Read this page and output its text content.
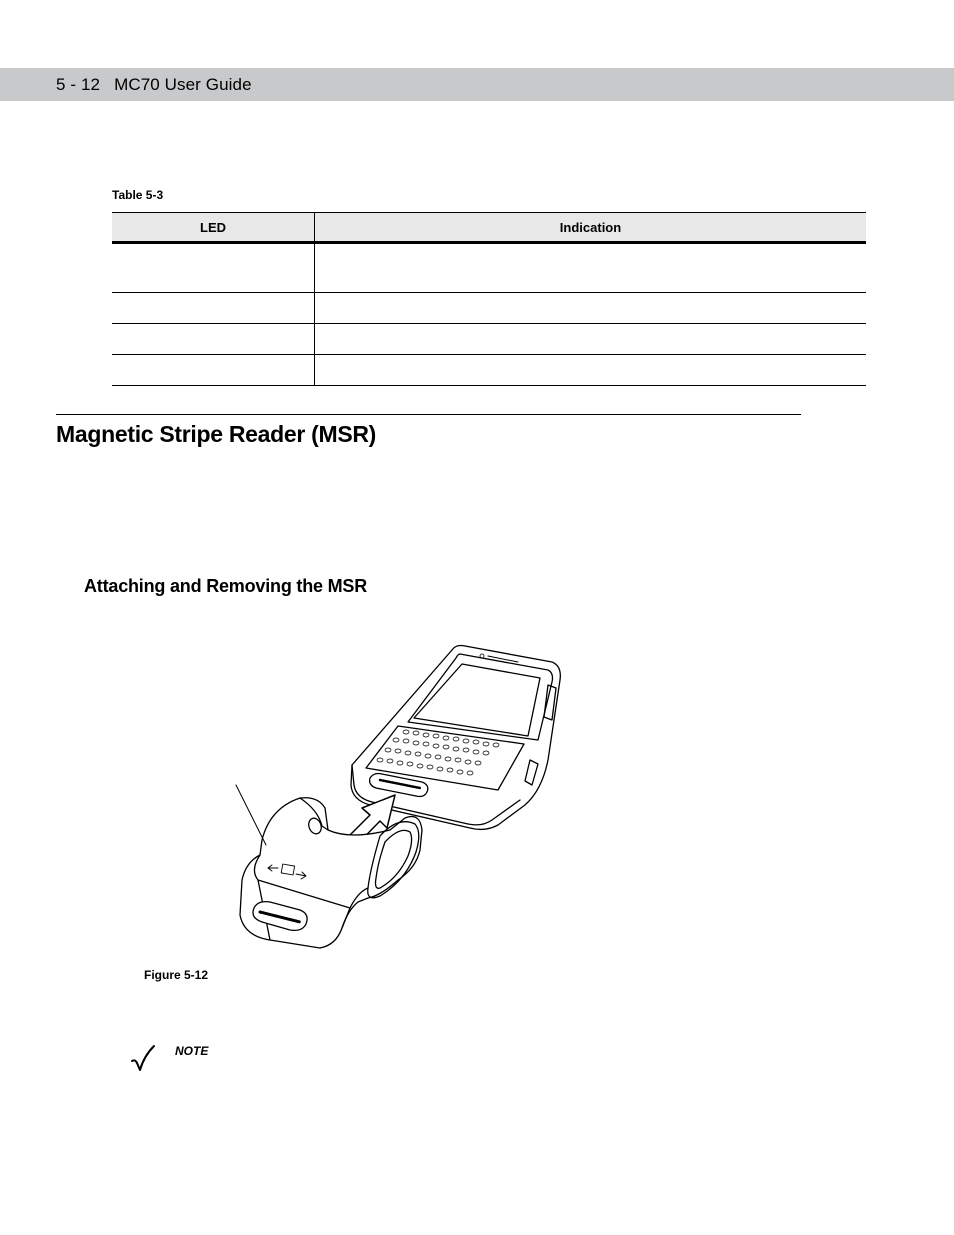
5 - 12 MC70 User Guide
Table 5-3
LED	Indication

Magnetic Stripe Reader (MSR)
Attaching and Removing the MSR
Figure 5-12
NOTE
